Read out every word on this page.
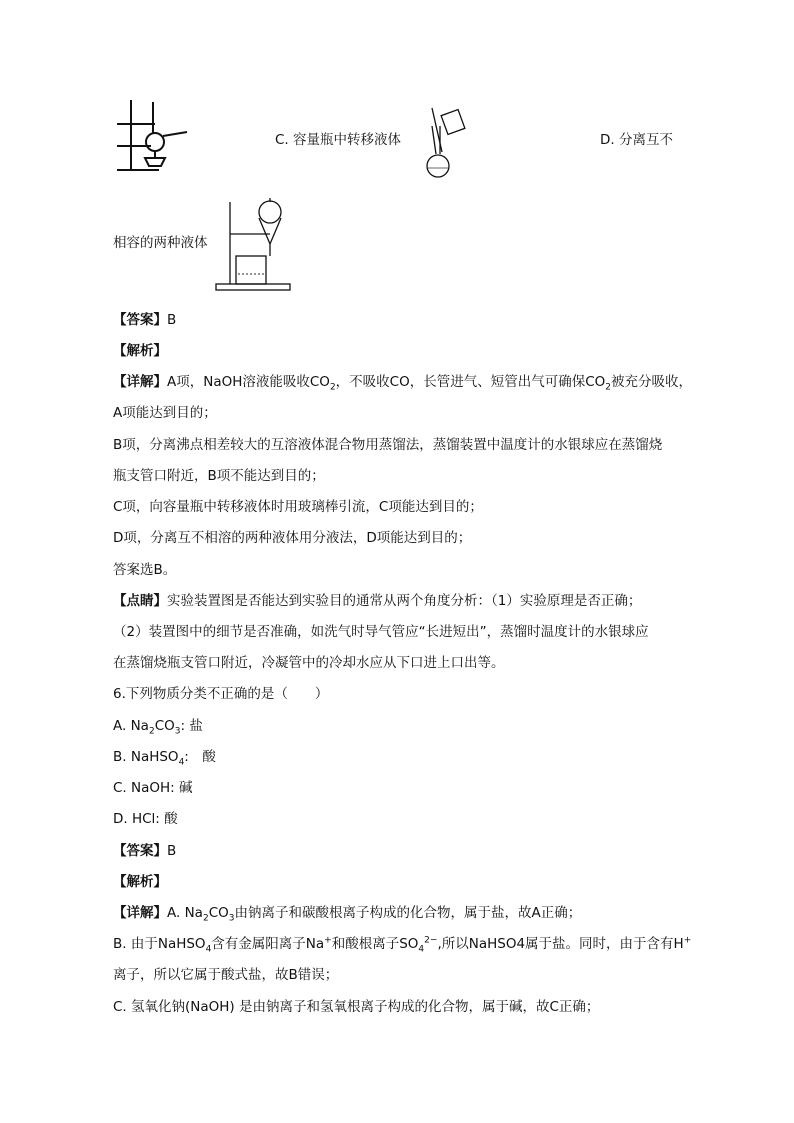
C. 容量瓶中转移液体	D. 分离互不
相容的两种液体
【答案】B
【解析】
【详解】A项，NaOH溶液能吸收$CO_2$，不吸收CO，长管进气、短管出气可确保$CO_2$被充分吸收，
A项能达到目的；
B项，分离沸点相差较大的互溶液体混合物用蒸馏法，蒸馏装置中温度计的水银球应在蒸馏烧
瓶支管口附近，B项不能达到目的；
C项，向容量瓶中转移液体时用玻璃棒引流，C项能达到目的；
D项，分离互不相溶的两种液体用分液法，D项能达到目的；
答案选B。
【点睛】实验装置图是否能达到实验目的通常从两个角度分析：（1）实验原理是否正确；
（2）装置图中的细节是否准确，如洗气时导气管应“长进短出”，蒸馏时温度计的水银球应
在蒸馏烧瓶支管口附近，冷凝管中的冷却水应从下口进上口出等。
6.下列物质分类不正确的是（　　）
A. $Na_2CO_3$: 盐
B. NaHSO$_4$:　酸
C. NaOH: 碱
D. HCl: 酸
【答案】B
【解析】
【详解】A. $Na_2CO_3$由钠离子和碳酸根离子构成的化合物，属于盐，故A正确；
B. 由于NaHSO$_4$含有金属阳离子Na+和酸根离子$SO_4^{2-}$,所以NaHSO4属于盐。同时，由于含有H+
离子，所以它属于酸式盐，故B错误；
C. 氢氧化钠(NaOH) 是由钠离子和氢氧根离子构成的化合物，属于碱，故C正确；
